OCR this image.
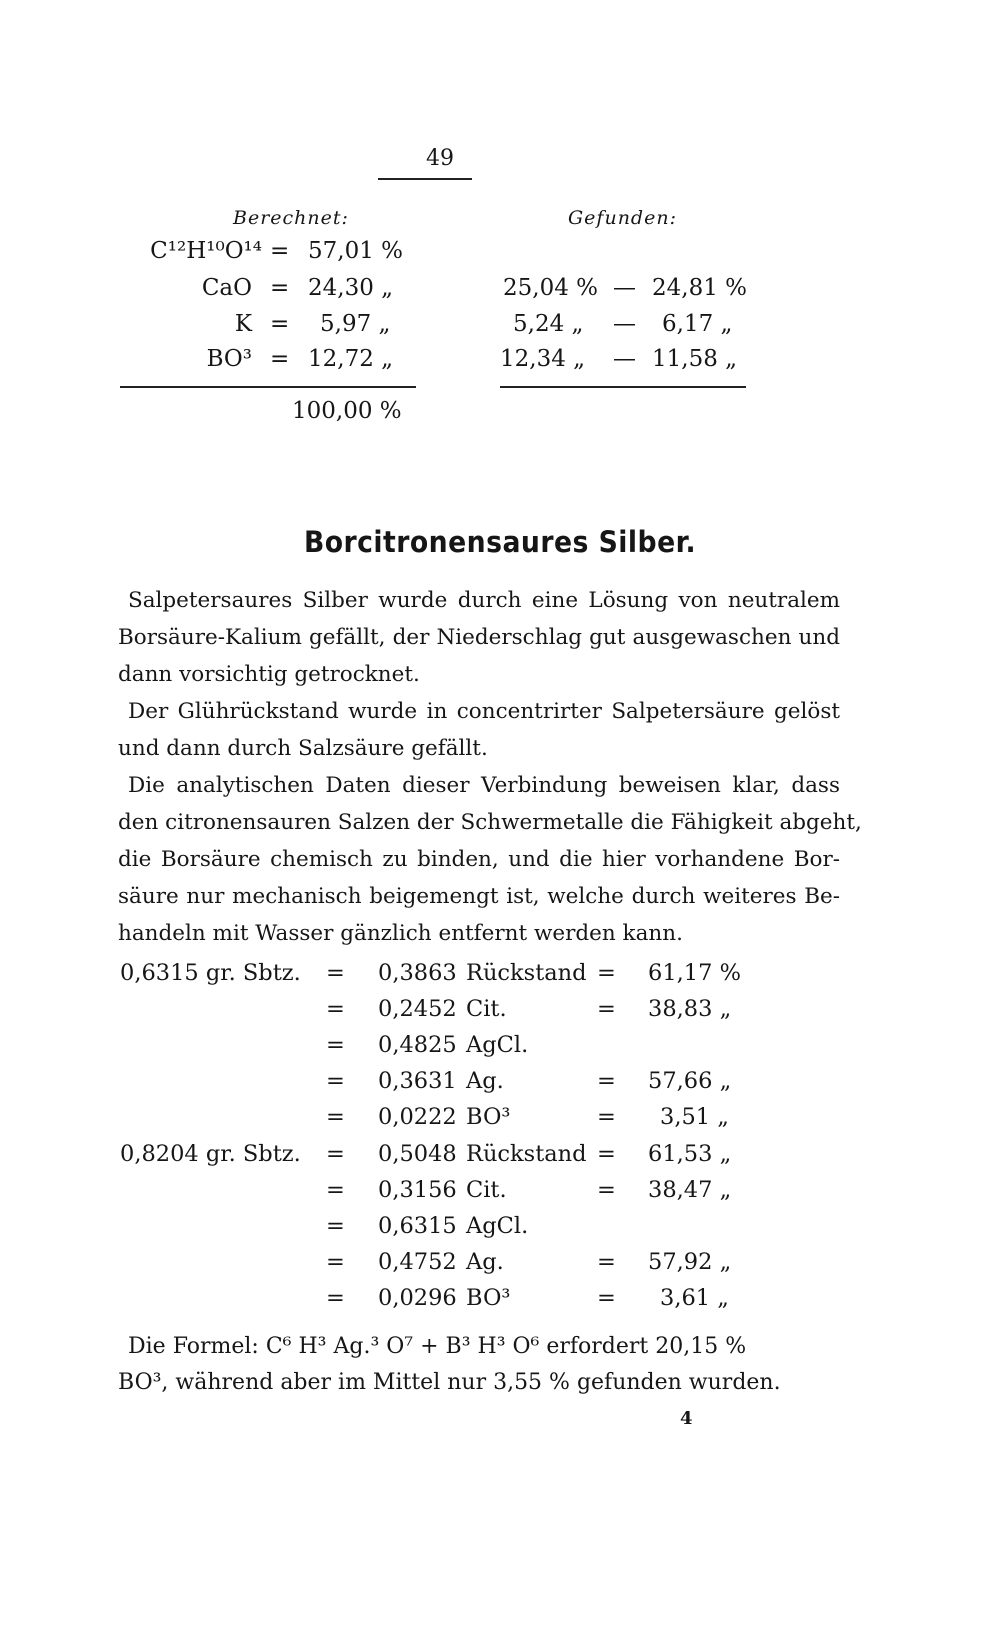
49
Berechnet:	Gefunden:
C¹²H¹⁰O¹⁴ = 57,01 %
CaO = 24,30 „	25,04 % — 24,81 %
K = 5,97 „	5,24 „ — 6,17 „
BO³ = 12,72 „	12,34 „ — 11,58 „
100,00 %
Borcitronensaures Silber.
Salpetersaures Silber wurde durch eine Lösung von neutralem
Borsäure-Kalium gefällt, der Niederschlag gut ausgewaschen und
dann vorsichtig getrocknet.
Der Glührückstand wurde in concentrirter Salpetersäure gelöst
und dann durch Salzsäure gefällt.
Die analytischen Daten dieser Verbindung beweisen klar, dass
den citronensauren Salzen der Schwermetalle die Fähigkeit abgeht,
die Borsäure chemisch zu binden, und die hier vorhandene Bor-
säure nur mechanisch beigemengt ist, welche durch weiteres Be-
handeln mit Wasser gänzlich entfernt werden kann.
0,6315 gr. Sbtz. = 0,3863 Rückstand = 61,17 %
= 0,2452 Cit.	= 38,83 „
= 0,4825 AgCl.
= 0,3631 Ag.	= 57,66 „
= 0,0222 BO³	= 3,51 „
0,8204 gr. Sbtz. = 0,5048 Rückstand = 61,53 „
= 0,3156 Cit.	= 38,47 „
= 0,6315 AgCl.
= 0,4752 Ag.	= 57,92 „
= 0,0296 BO³	= 3,61 „
Die Formel: C⁶ H³ Ag.³ O⁷ + B³ H³ O⁶ erfordert 20,15 %
BO³, während aber im Mittel nur 3,55 % gefunden wurden.
4
